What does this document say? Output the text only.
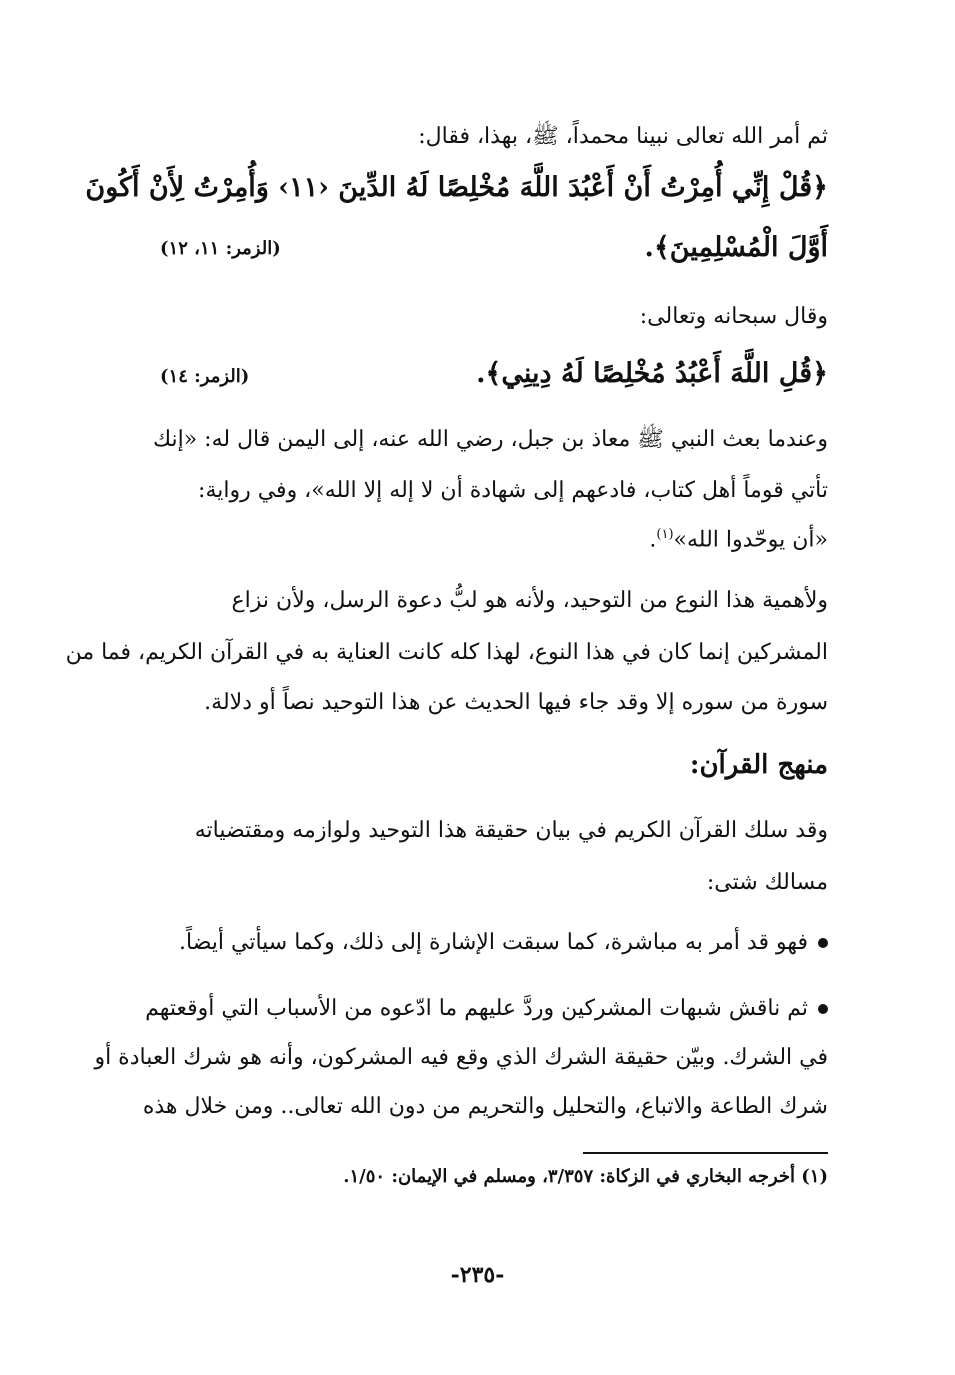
ثم أمر الله تعالى نبينا محمداً، ﷺ، بهذا، فقال:
﴿قُلْ إِنِّي أُمِرْتُ أَنْ أَعْبُدَ اللَّهَ مُخْلِصًا لَهُ الدِّينَ ‹١١› وَأُمِرْتُ لِأَنْ أَكُونَ
أَوَّلَ الْمُسْلِمِينَ﴾.
(الزمر: ١١، ١٢)
وقال سبحانه وتعالى:
﴿قُلِ اللَّهَ أَعْبُدُ مُخْلِصًا لَهُ دِينِي﴾.
(الزمر: ١٤)
وعندما بعث النبي ﷺ معاذ بن جبل، رضي الله عنه، إلى اليمن قال له: «إنك
تأتي قوماً أهل كتاب، فادعهم إلى شهادة أن لا إله إلا الله»، وفي رواية:
«أن يوحّدوا الله»$^{(١)}$.
ولأهمية هذا النوع من التوحيد، ولأنه هو لبُّ دعوة الرسل، ولأن نزاع
المشركين إنما كان في هذا النوع، لهذا كله كانت العناية به في القرآن الكريم، فما من
سورة من سوره إلا وقد جاء فيها الحديث عن هذا التوحيد نصاً أو دلالة.
منهج القرآن:
وقد سلك القرآن الكريم في بيان حقيقة هذا التوحيد ولوازمه ومقتضياته
مسالك شتى:
فهو قد أمر به مباشرة، كما سبقت الإشارة إلى ذلك، وكما سيأتي أيضاً.
ثم ناقش شبهات المشركين وردَّ عليهم ما ادّعوه من الأسباب التي أوقعتهم
في الشرك. وبيّن حقيقة الشرك الذي وقع فيه المشركون، وأنه هو شرك العبادة أو
شرك الطاعة والاتباع، والتحليل والتحريم من دون الله تعالى.. ومن خلال هذه
(١) أخرجه البخاري في الزكاة: ٣/٣٥٧، ومسلم في الإيمان: ١/٥٠.
-٢٣٥-
